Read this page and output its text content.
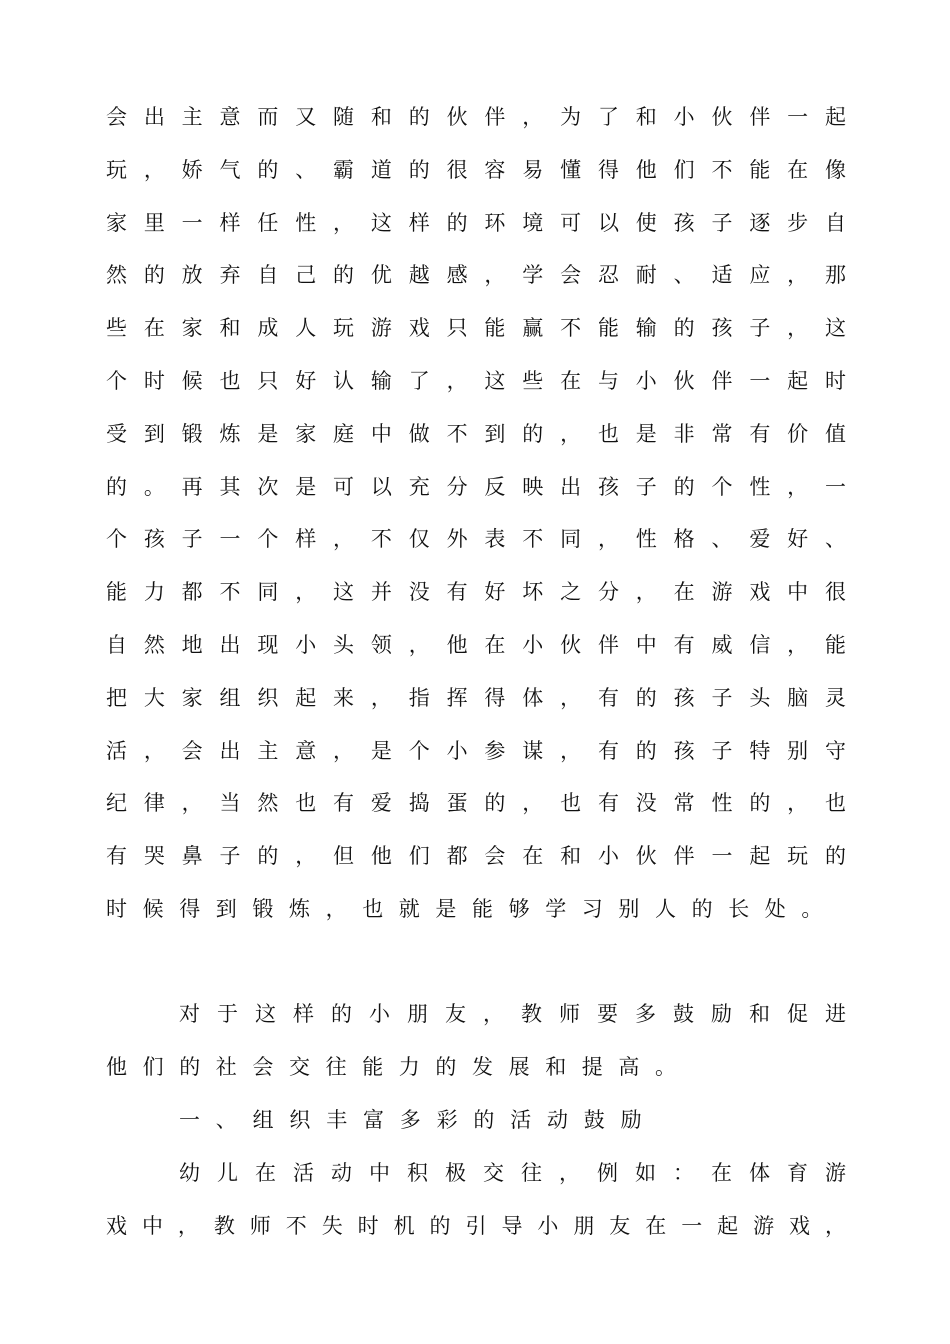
会出主意而又随和的伙伴，为了和小伙伴一起
玩，娇气的、霸道的很容易懂得他们不能在像
家里一样任性，这样的环境可以使孩子逐步自
然的放弃自己的优越感，学会忍耐、适应，那
些在家和成人玩游戏只能赢不能输的孩子，这
个时候也只好认输了，这些在与小伙伴一起时
受到锻炼是家庭中做不到的，也是非常有价值
的。再其次是可以充分反映出孩子的个性，一
个孩子一个样，不仅外表不同，性格、爱好、
能力都不同，这并没有好坏之分，在游戏中很
自然地出现小头领，他在小伙伴中有威信，能
把大家组织起来，指挥得体，有的孩子头脑灵
活，会出主意，是个小参谋，有的孩子特别守
纪律，当然也有爱捣蛋的，也有没常性的，也
有哭鼻子的，但他们都会在和小伙伴一起玩的
时候得到锻炼，也就是能够学习别人的长处。
对于这样的小朋友，教师要多鼓励和促进
他们的社会交往能力的发展和提高。
一、组织丰富多彩的活动鼓励
幼儿在活动中积极交往，例如：在体育游
戏中，教师不失时机的引导小朋友在一起游戏，
